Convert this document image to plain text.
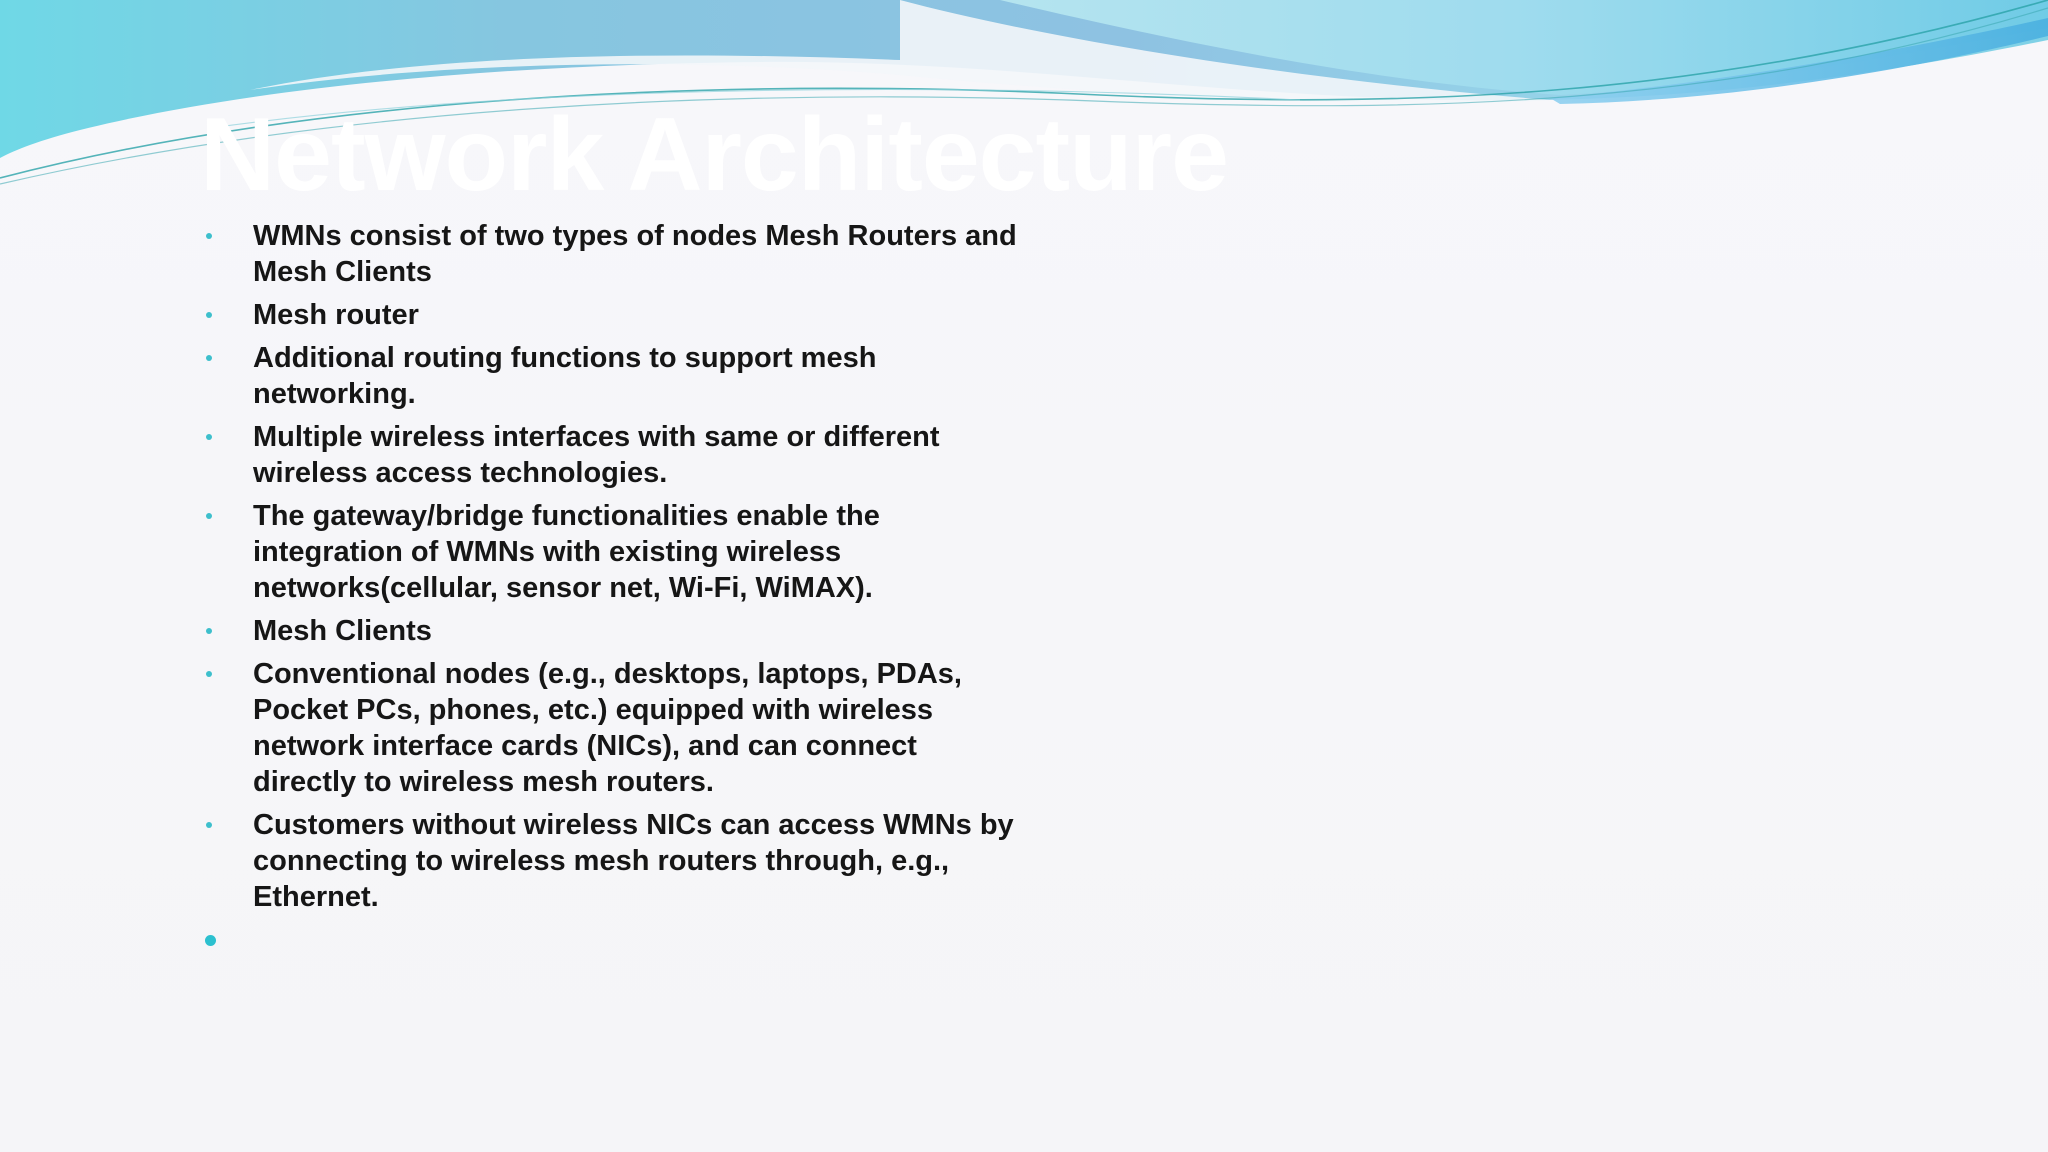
Network Architecture
WMNs consist of two types of nodes Mesh Routers and Mesh Clients
Mesh router
Additional routing functions to support mesh networking.
Multiple wireless interfaces with same or different wireless access technologies.
The gateway/bridge functionalities enable the integration of WMNs with existing wireless networks(cellular, sensor net, Wi-Fi, WiMAX).
Mesh Clients
Conventional nodes (e.g., desktops, laptops, PDAs, Pocket PCs, phones, etc.) equipped with wireless network interface cards (NICs), and can connect directly to wireless mesh routers.
Customers without wireless NICs can access WMNs by connecting to wireless mesh routers through, e.g., Ethernet.
